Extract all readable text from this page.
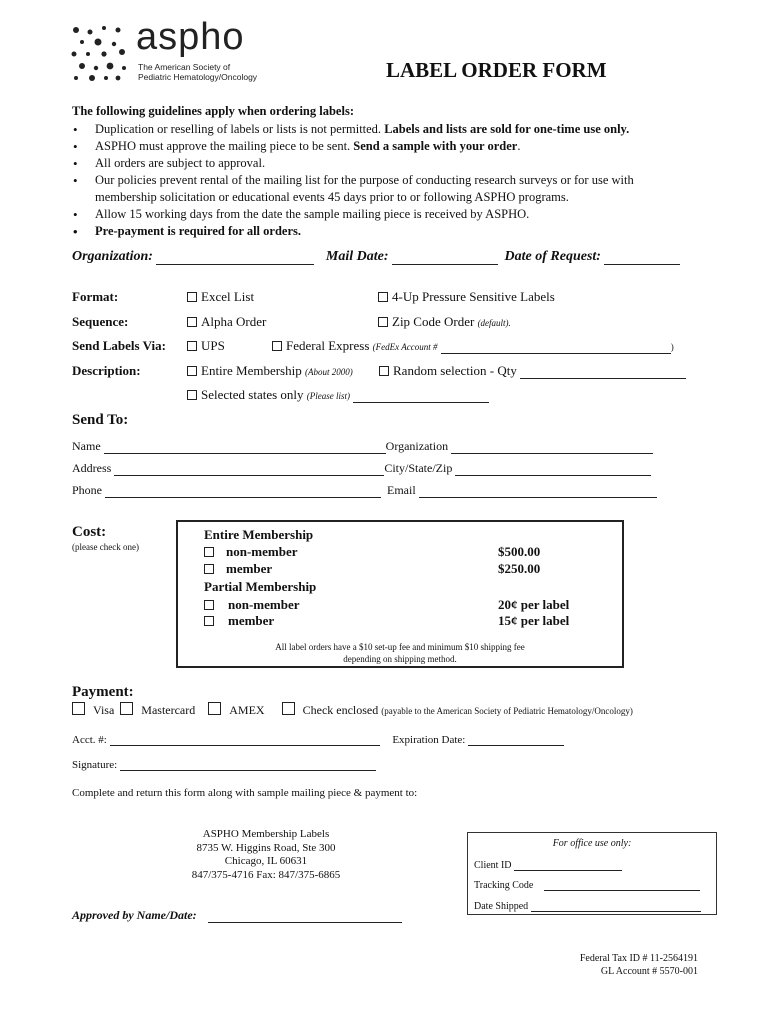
aspho
The American Society of
Pediatric Hematology/Oncology	LABEL ORDER FORM
The following guidelines apply when ordering labels:
• Duplication or reselling of labels or lists is not permitted. Labels and lists are sold for one-time use only.
• ASPHO must approve the mailing piece to be sent. Send a sample with your order.
• All orders are subject to approval.
• Our policies prevent rental of the mailing list for the purpose of conducting research surveys or for use with
membership solicitation or educational events 45 days prior to or following ASPHO programs.
• Allow 15 working days from the date the sample mailing piece is received by ASPHO.
• Pre-payment is required for all orders.
Organization:	Mail Date:	Date of Request:
Format:	Excel List	4-Up Pressure Sensitive Labels
Sequence:	Alpha Order	Zip Code Order (default).
Send Labels Via:	UPS	Federal Express (FedEx Account #	)
Description:	Entire Membership (About 2000)	Random selection - Qty
Selected states only (Please list)
Send To:
Name	Organization
Address	City/State/Zip
Phone	Email
Cost:
(please check one)
Entire Membership
non-member	$500.00
member	$250.00
Partial Membership
non-member	20¢ per label
member	15¢ per label
All label orders have a $10 set-up fee and minimum $10 shipping fee
depending on shipping method.
Payment:
Visa Mastercard	AMEX	Check enclosed (payable to the American Society of Pediatric Hematology/Oncology)
Acct. #:	Expiration Date:
Signature:
Complete and return this form along with sample mailing piece & payment to:
ASPHO Membership Labels
8735 W. Higgins Road, Ste 300
Chicago, IL 60631
847/375-4716 Fax: 847/375-6865
For office use only:
Client ID
Tracking Code
Date Shipped
Approved by Name/Date:
Federal Tax ID # 11-2564191
GL Account # 5570-001
